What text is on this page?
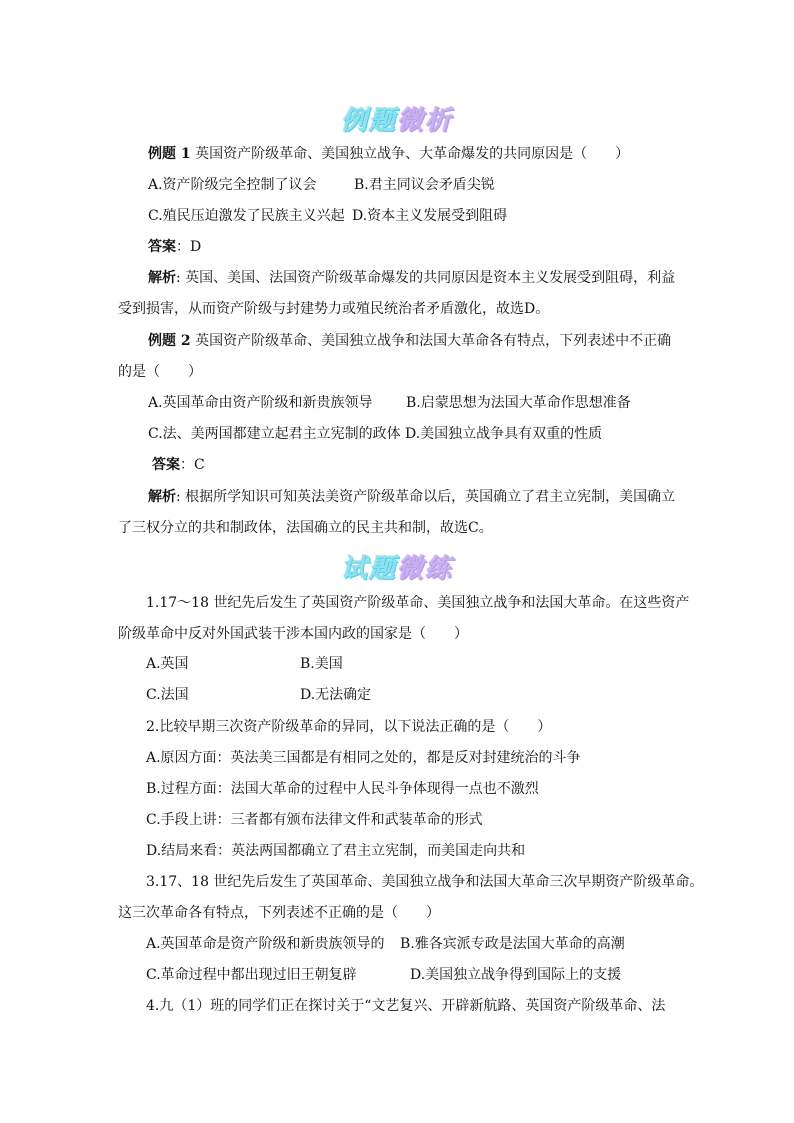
例题微析
例题 1 英国资产阶级革命、美国独立战争、大革命爆发的共同原因是（　　）
A.资产阶级完全控制了议会	B.君主同议会矛盾尖锐
C.殖民压迫激发了民族主义兴起 D.资本主义发展受到阻碍
答案：D
解析: 英国、美国、法国资产阶级革命爆发的共同原因是资本主义发展受到阻碍，利益
受到损害，从而资产阶级与封建势力或殖民统治者矛盾激化，故选D。
例题 2 英国资产阶级革命、美国独立战争和法国大革命各有特点，下列表述中不正确
的是（　　）
A.英国革命由资产阶级和新贵族领导 B.启蒙思想为法国大革命作思想准备
C.法、美两国都建立起君主立宪制的政体 D.美国独立战争具有双重的性质
答案：C
解析: 根据所学知识可知英法美资产阶级革命以后，英国确立了君主立宪制，美国确立
了三权分立的共和制政体，法国确立的民主共和制，故选C。
试题微练
1.17～18 世纪先后发生了英国资产阶级革命、美国独立战争和法国大革命。在这些资产
阶级革命中反对外国武装干涉本国内政的国家是（　　）
A.英国	B.美国
C.法国	D.无法确定
2.比较早期三次资产阶级革命的异同，以下说法正确的是（　　）
A.原因方面：英法美三国都是有相同之处的，都是反对封建统治的斗争
B.过程方面：法国大革命的过程中人民斗争体现得一点也不激烈
C.手段上讲：三者都有颁布法律文件和武装革命的形式
D.结局来看：英法两国都确立了君主立宪制，而美国走向共和
3.17、18 世纪先后发生了英国革命、美国独立战争和法国大革命三次早期资产阶级革命。
这三次革命各有特点，下列表述不正确的是（　　）
A.英国革命是资产阶级和新贵族领导的 B.雅各宾派专政是法国大革命的高潮
C.革命过程中都出现过旧王朝复辟	D.美国独立战争得到国际上的支援
4.九（1）班的同学们正在探讨关于“文艺复兴、开辟新航路、英国资产阶级革命、法
